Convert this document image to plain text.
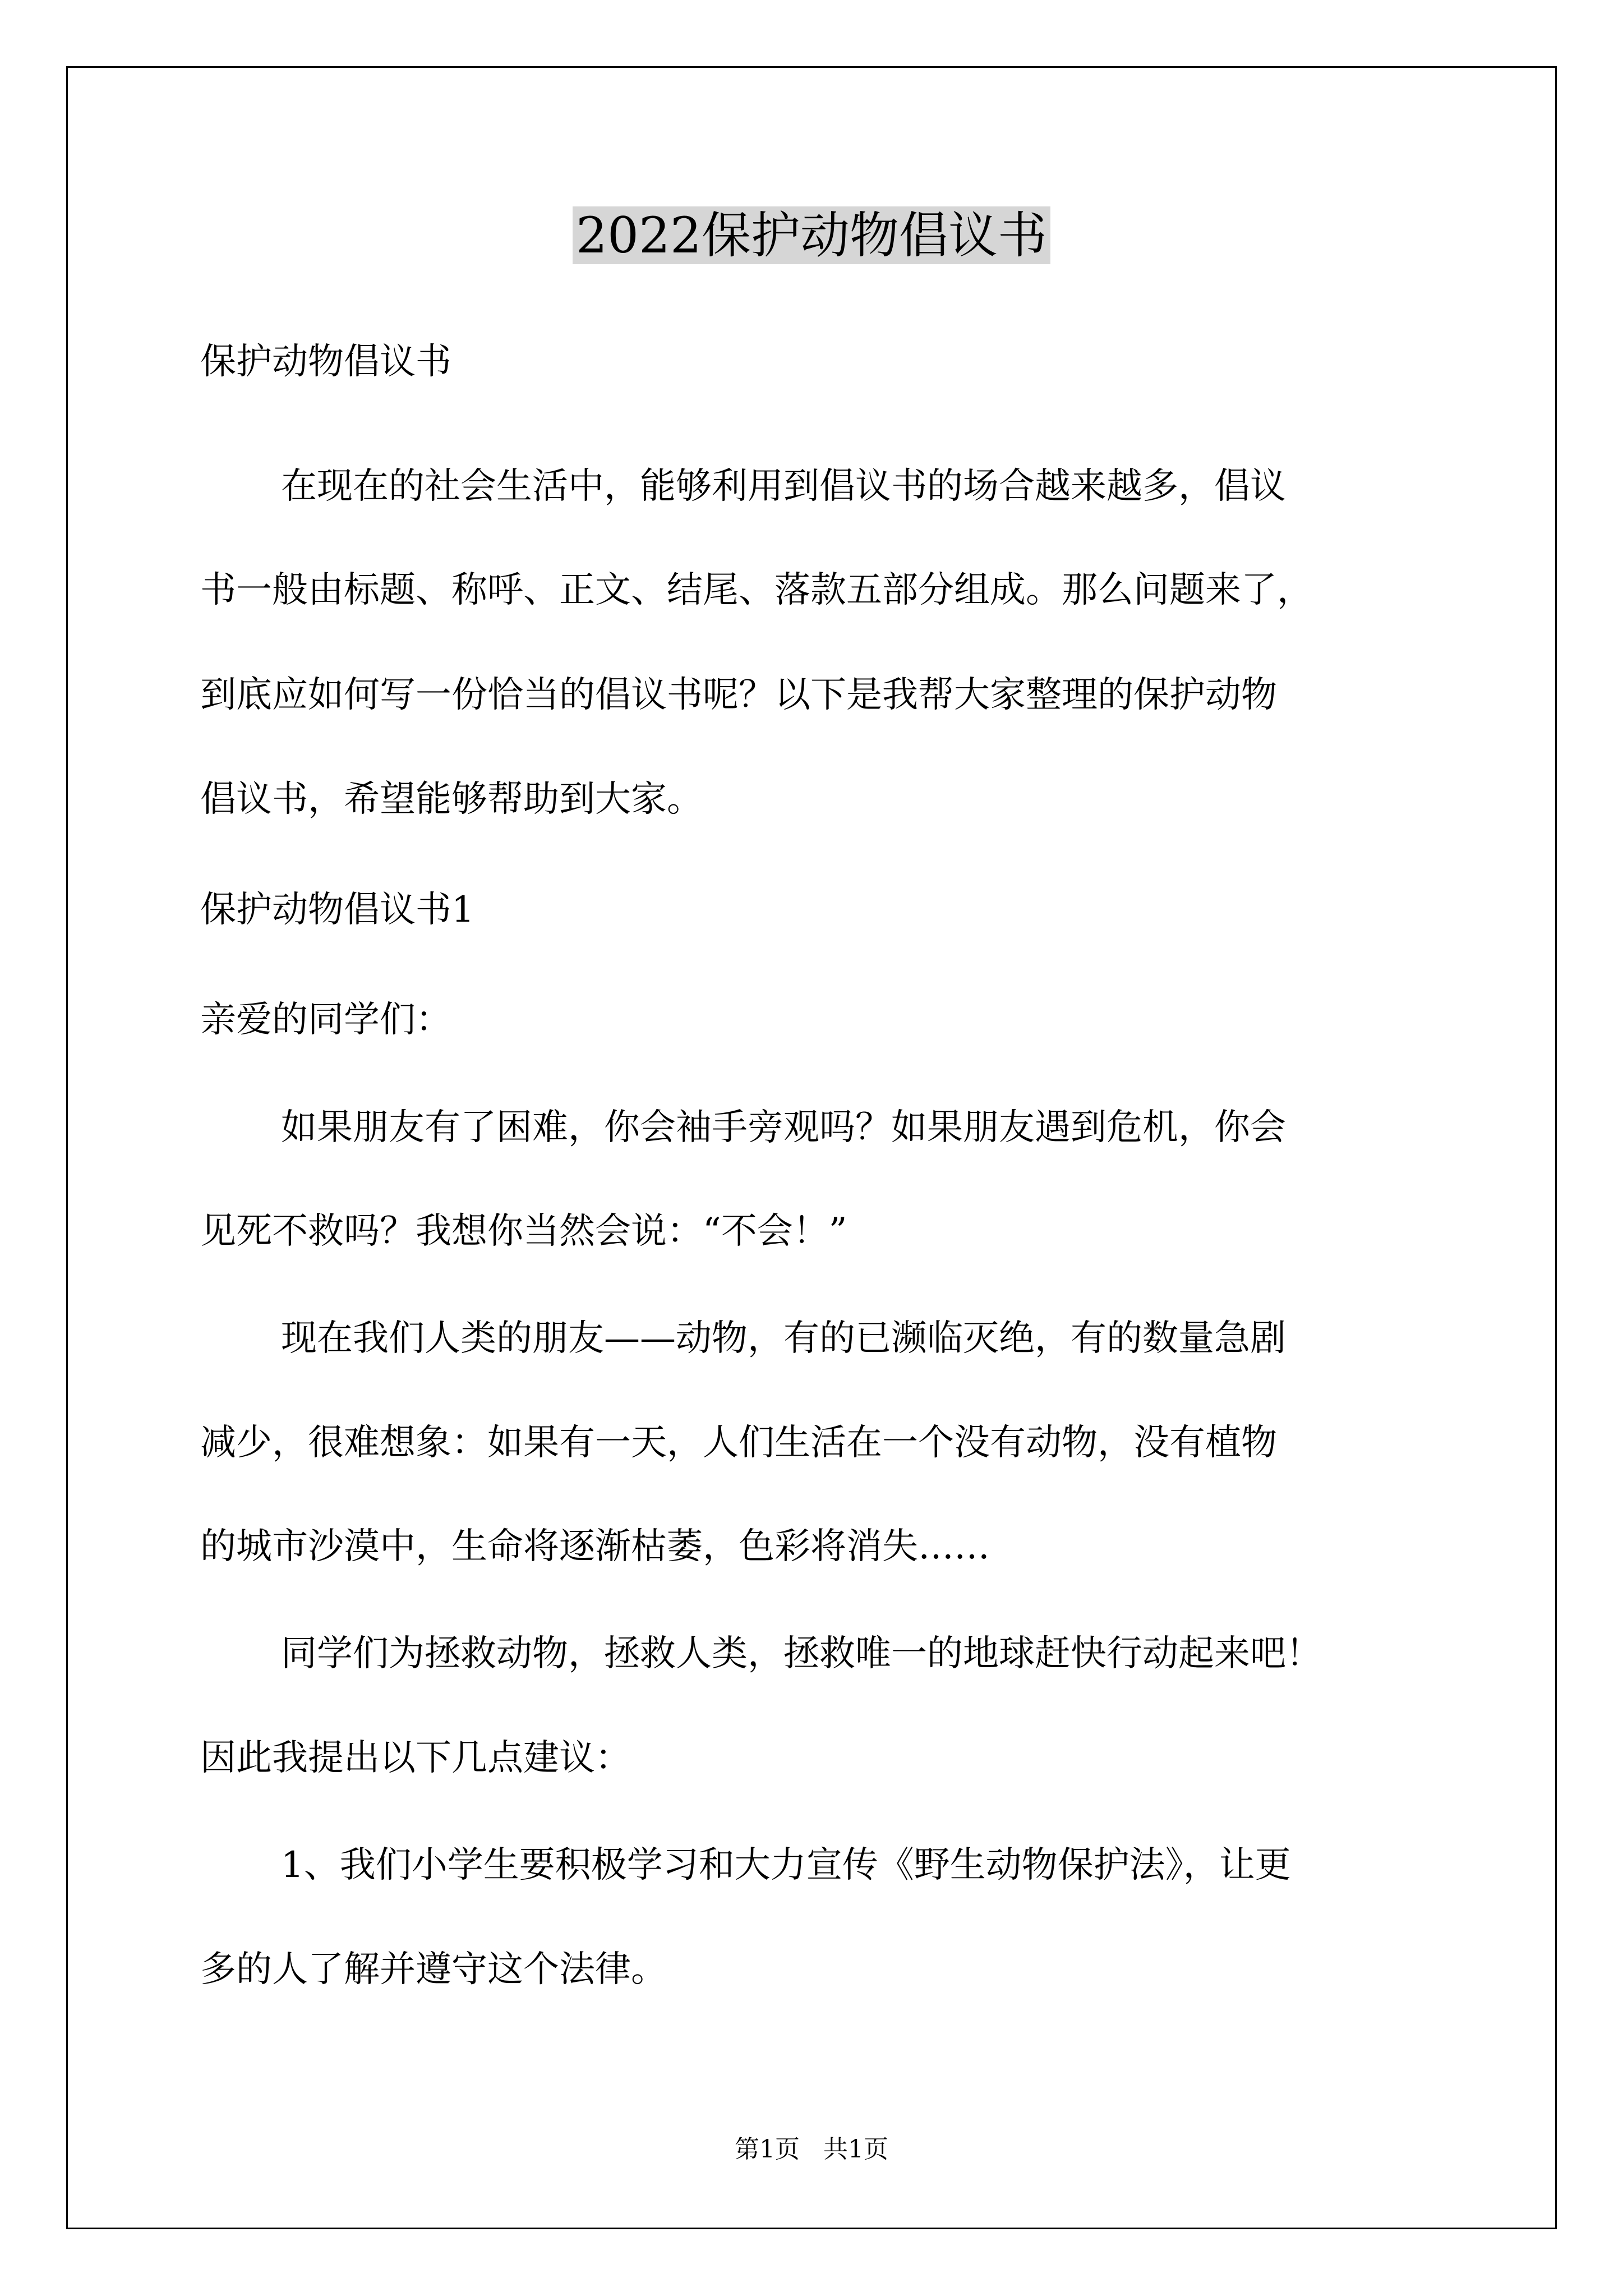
2022保护动物倡议书
保护动物倡议书
在现在的社会生活中，能够利用到倡议书的场合越来越多，倡议
书一般由标题、称呼、正文、结尾、落款五部分组成。那么问题来了，
到底应如何写一份恰当的倡议书呢？以下是我帮大家整理的保护动物
倡议书，希望能够帮助到大家。
保护动物倡议书1
亲爱的同学们：
如果朋友有了困难，你会袖手旁观吗？如果朋友遇到危机，你会
见死不救吗？我想你当然会说：“不会！”
现在我们人类的朋友——动物，有的已濒临灭绝，有的数量急剧
减少，很难想象：如果有一天，人们生活在一个没有动物，没有植物
的城市沙漠中，生命将逐渐枯萎，色彩将消失……
同学们为拯救动物，拯救人类，拯救唯一的地球赶快行动起来吧！
因此我提出以下几点建议：
1、我们小学生要积极学习和大力宣传《野生动物保护法》，让更
多的人了解并遵守这个法律。
第1页   共1页
